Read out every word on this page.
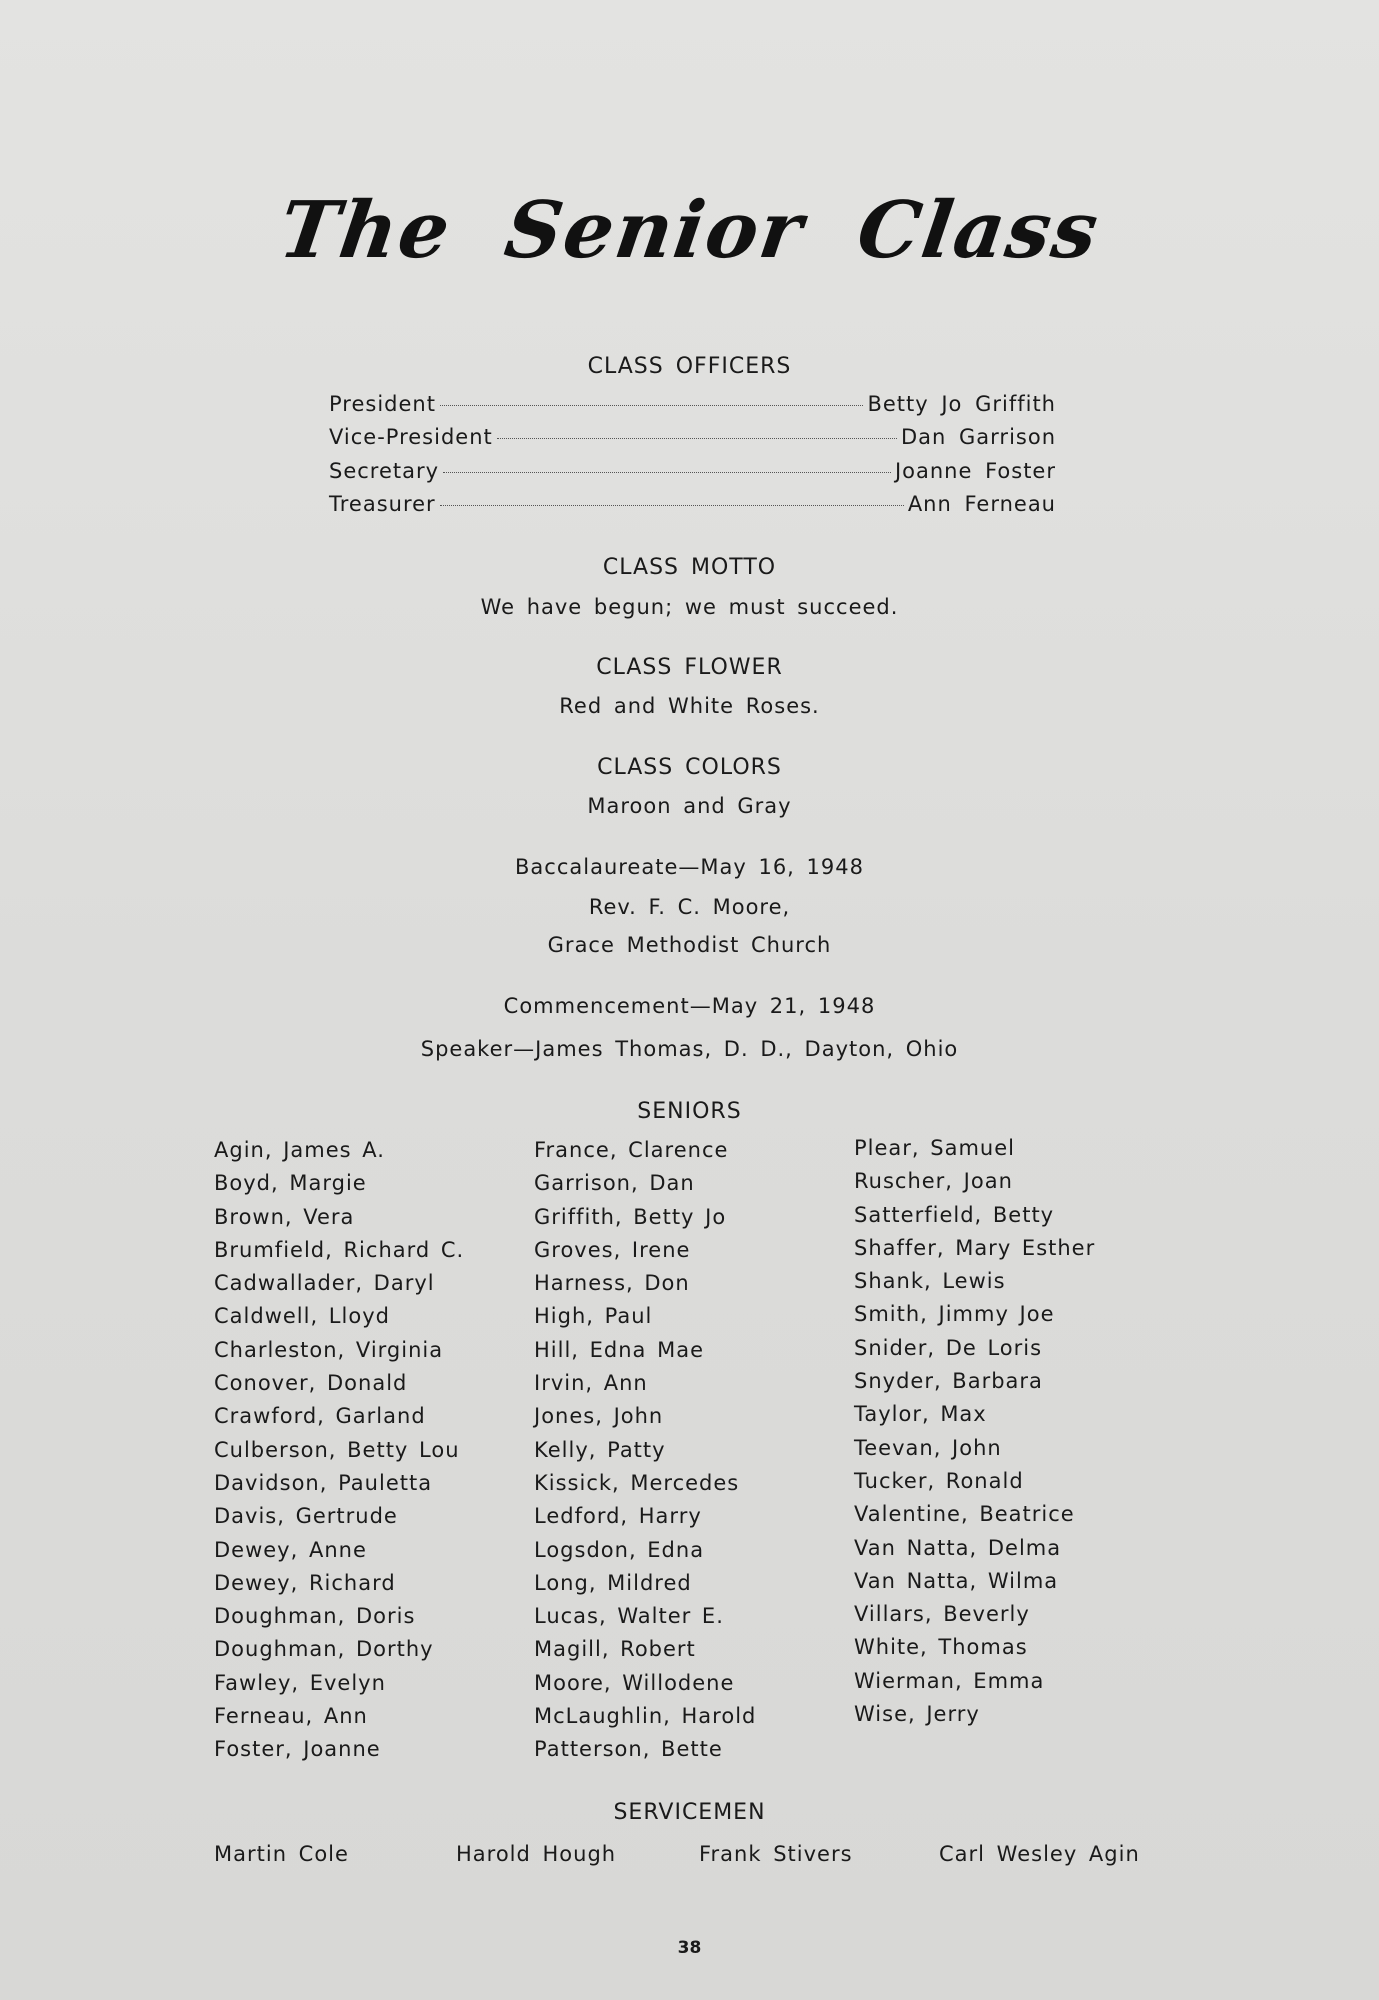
The Senior Class
CLASS OFFICERS
President	Betty Jo Griffith
Vice-President	Dan Garrison
Secretary	Joanne Foster
Treasurer	Ann Ferneau
CLASS MOTTO
We have begun; we must succeed.
CLASS FLOWER
Red and White Roses.
CLASS COLORS
Maroon and Gray
Baccalaureate—May 16, 1948
Rev. F. C. Moore,
Grace Methodist Church
Commencement—May 21, 1948
Speaker—James Thomas, D. D., Dayton, Ohio
SENIORS
Agin, James A.
Boyd, Margie
Brown, Vera
Brumfield, Richard C.
Cadwallader, Daryl
Caldwell, Lloyd
Charleston, Virginia
Conover, Donald
Crawford, Garland
Culberson, Betty Lou
Davidson, Pauletta
Davis, Gertrude
Dewey, Anne
Dewey, Richard
Doughman, Doris
Doughman, Dorthy
Fawley, Evelyn
Ferneau, Ann
Foster, Joanne
France, Clarence
Garrison, Dan
Griffith, Betty Jo
Groves, Irene
Harness, Don
High, Paul
Hill, Edna Mae
Irvin, Ann
Jones, John
Kelly, Patty
Kissick, Mercedes
Ledford, Harry
Logsdon, Edna
Long, Mildred
Lucas, Walter E.
Magill, Robert
Moore, Willodene
McLaughlin, Harold
Patterson, Bette
Plear, Samuel
Ruscher, Joan
Satterfield, Betty
Shaffer, Mary Esther
Shank, Lewis
Smith, Jimmy Joe
Snider, De Loris
Snyder, Barbara
Taylor, Max
Teevan, John
Tucker, Ronald
Valentine, Beatrice
Van Natta, Delma
Van Natta, Wilma
Villars, Beverly
White, Thomas
Wierman, Emma
Wise, Jerry
SERVICEMEN
Martin Cole	Harold Hough	Frank Stivers	Carl Wesley Agin
38
